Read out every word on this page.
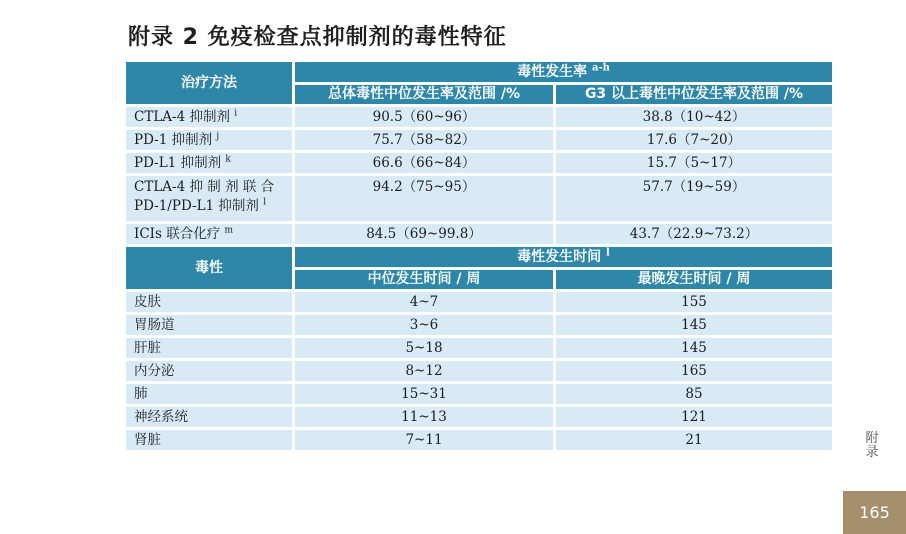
附录 2 免疫检查点抑制剂的毒性特征
治疗方法	毒性发生率 $^{a-h}$
	总体毒性中位发生率及范围 /%	G3 以上毒性中位发生率及范围 /%
CTLA-4 抑制剂 $^i$	90.5（60~96）	38.8（10~42）
PD-1 抑制剂 $^j$	75.7（58~82）	17.6（7~20）
PD-L1 抑制剂 $^k$	66.6（66~84）	15.7（5~17）
CTLA-4 抑 制 剂 联 合
PD-1/PD-L1 抑制剂 $^l$	94.2（75~95）	57.7（19~59）
ICIs 联合化疗 $^m$	84.5（69~99.8）	43.7（22.9~73.2）
毒性	毒性发生时间 $^l$
	中位发生时间 / 周	最晚发生时间 / 周
皮肤	4~7	155
胃肠道	3~6	145
肝脏	5~18	145
内分泌	8~12	165
肺	15~31	85
神经系统	11~13	121
肾脏	7~11	21	附
录
165
